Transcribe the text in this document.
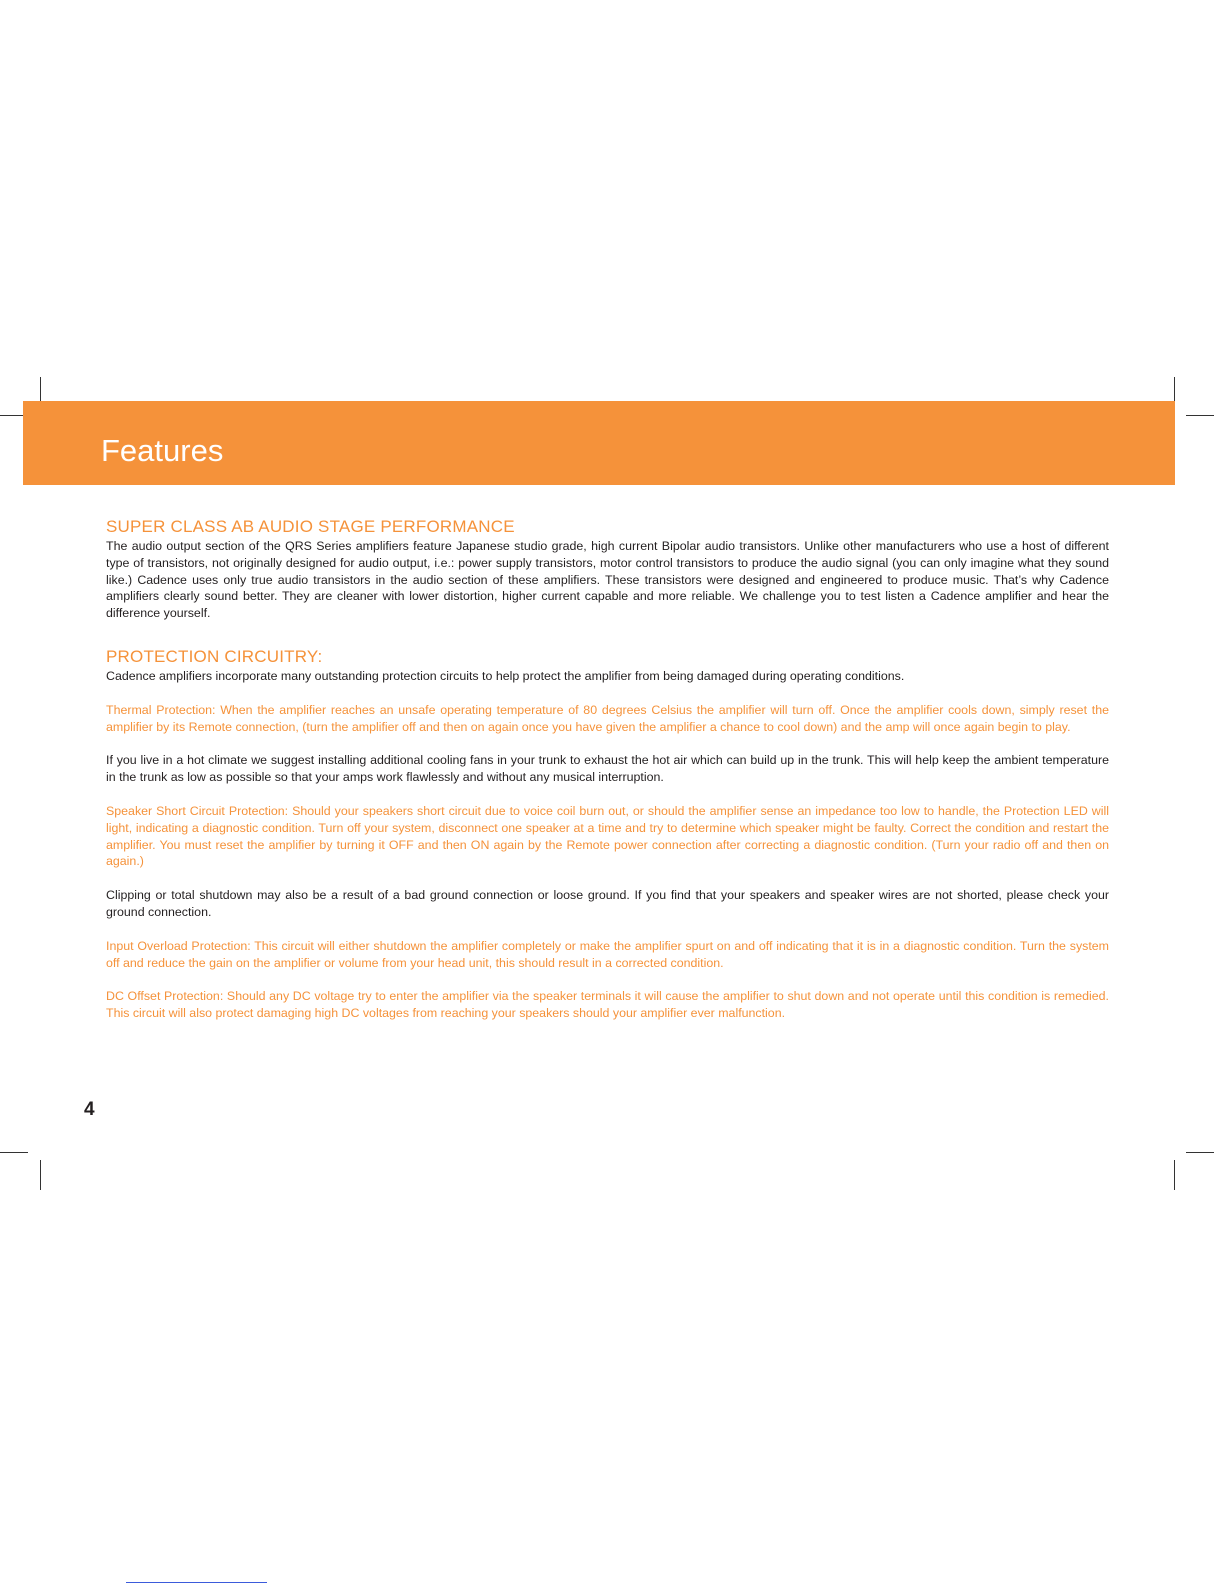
Features
SUPER CLASS AB AUDIO STAGE PERFORMANCE

The audio output section of the QRS Series amplifiers feature Japanese studio grade, high current Bipolar audio transistors. Unlike other manufacturers who use a host of different type of transistors, not originally designed for audio output, i.e.: power supply transistors, motor control transistors to produce the audio signal (you can only imagine what they sound like.) Cadence uses only true audio transistors in the audio section of these amplifiers. These transistors were designed and engineered to produce music. That’s why Cadence amplifiers clearly sound better. They are cleaner with lower distortion, higher current capable and more reliable. We challenge you to test listen a Cadence amplifier and hear the difference yourself.

PROTECTION CIRCUITRY:

Cadence amplifiers incorporate many outstanding protection circuits to help protect the amplifier from being damaged during operating conditions.

Thermal Protection: When the amplifier reaches an unsafe operating temperature of 80 degrees Celsius the amplifier will turn off. Once the amplifier cools down, simply reset the amplifier by its Remote connection, (turn the amplifier off and then on again once you have given the amplifier a chance to cool down) and the amp will once again begin to play.

If you live in a hot climate we suggest installing additional cooling fans in your trunk to exhaust the hot air which can build up in the trunk. This will help keep the ambient temperature in the trunk as low as possible so that your amps work flawlessly and without any musical interruption.

Speaker Short Circuit Protection: Should your speakers short circuit due to voice coil burn out, or should the amplifier sense an impedance too low to handle, the Protection LED will light, indicating a diagnostic condition. Turn off your system, disconnect one speaker at a time and try to determine which speaker might be faulty. Correct the condition and restart the amplifier. You must reset the amplifier by turning it OFF and then ON again by the Remote power connection after correcting a diagnostic condition. (Turn your radio off and then on again.)

Clipping or total shutdown may also be a result of a bad ground connection or loose ground. If you find that your speakers and speaker wires are not shorted, please check your ground connection.

Input Overload Protection: This circuit will either shutdown the amplifier completely or make the amplifier spurt on and off indicating that it is in a diagnostic condition. Turn the system off and reduce the gain on the amplifier or volume from your head unit, this should result in a corrected condition.

DC Offset Protection: Should any DC voltage try to enter the amplifier via the speaker terminals it will cause the amplifier to shut down and not operate until this condition is remedied. This circuit will also protect damaging high DC voltages from reaching your speakers should your amplifier ever malfunction.

4
